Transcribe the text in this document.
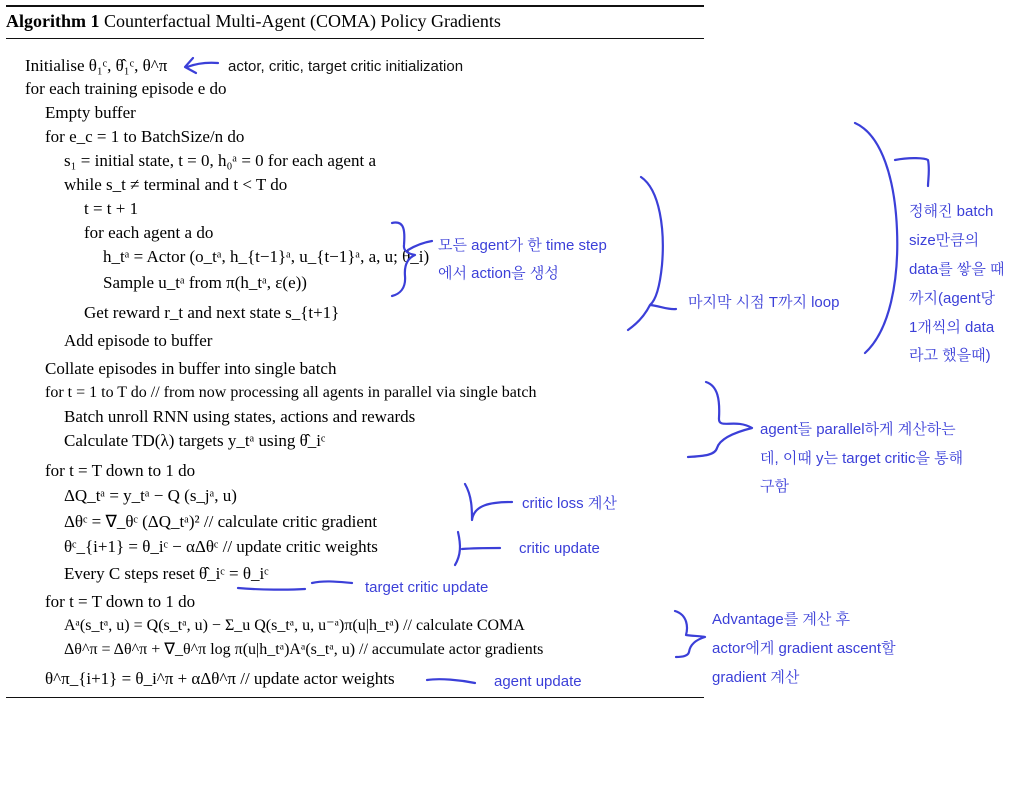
Algorithm 1 Counterfactual Multi-Agent (COMA) Policy Gradients
Initialise θ₁ᶜ, θ̂₁ᶜ, θ^π
for each training episode e do
Empty buffer
for e_c = 1 to BatchSize/n do
s₁ = initial state, t = 0, h₀ᵃ = 0 for each agent a
while s_t ≠ terminal and t < T do
t = t + 1
for each agent a do
h_tᵃ = Actor (o_tᵃ, h_{t−1}ᵃ, u_{t−1}ᵃ, a, u; θ_i)
Sample u_tᵃ from π(h_tᵃ, ε(e))
Get reward r_t and next state s_{t+1}
Add episode to buffer
Collate episodes in buffer into single batch
for t = 1 to T do // from now processing all agents in parallel via single batch
Batch unroll RNN using states, actions and rewards
Calculate TD(λ) targets y_tᵃ using θ̂_iᶜ
for t = T down to 1 do
ΔQ_tᵃ = y_tᵃ − Q (s_jᵃ, u)
Δθᶜ = ∇_θᶜ (ΔQ_tᵃ)² // calculate critic gradient
θᶜ_{i+1} = θ_iᶜ − αΔθᶜ // update critic weights
Every C steps reset θ̂_iᶜ = θ_iᶜ
for t = T down to 1 do
Aᵃ(s_tᵃ, u) = Q(s_tᵃ, u) − Σ_u Q(s_tᵃ, u, u⁻ᵃ)π(u|h_tᵃ) // calculate COMA
Δθ^π = Δθ^π + ∇_θ^π log π(u|h_tᵃ)Aᵃ(s_tᵃ, u) // accumulate actor gradients
θ^π_{i+1} = θ_i^π + αΔθ^π // update actor weights
actor, critic, target critic initialization
모든 agent가 한 time step
에서 action을 생성
마지막 시점 T까지 loop
정해진 batch
size만큼의
data를 쌓을 때
까지(agent당
1개씩의 data
라고 했을때)
agent들 parallel하게 계산하는
데, 이때 y는 target critic을 통해
구함
critic loss 계산
critic update
target critic update
Advantage를 계산 후
actor에게 gradient ascent할
gradient 계산
agent update
